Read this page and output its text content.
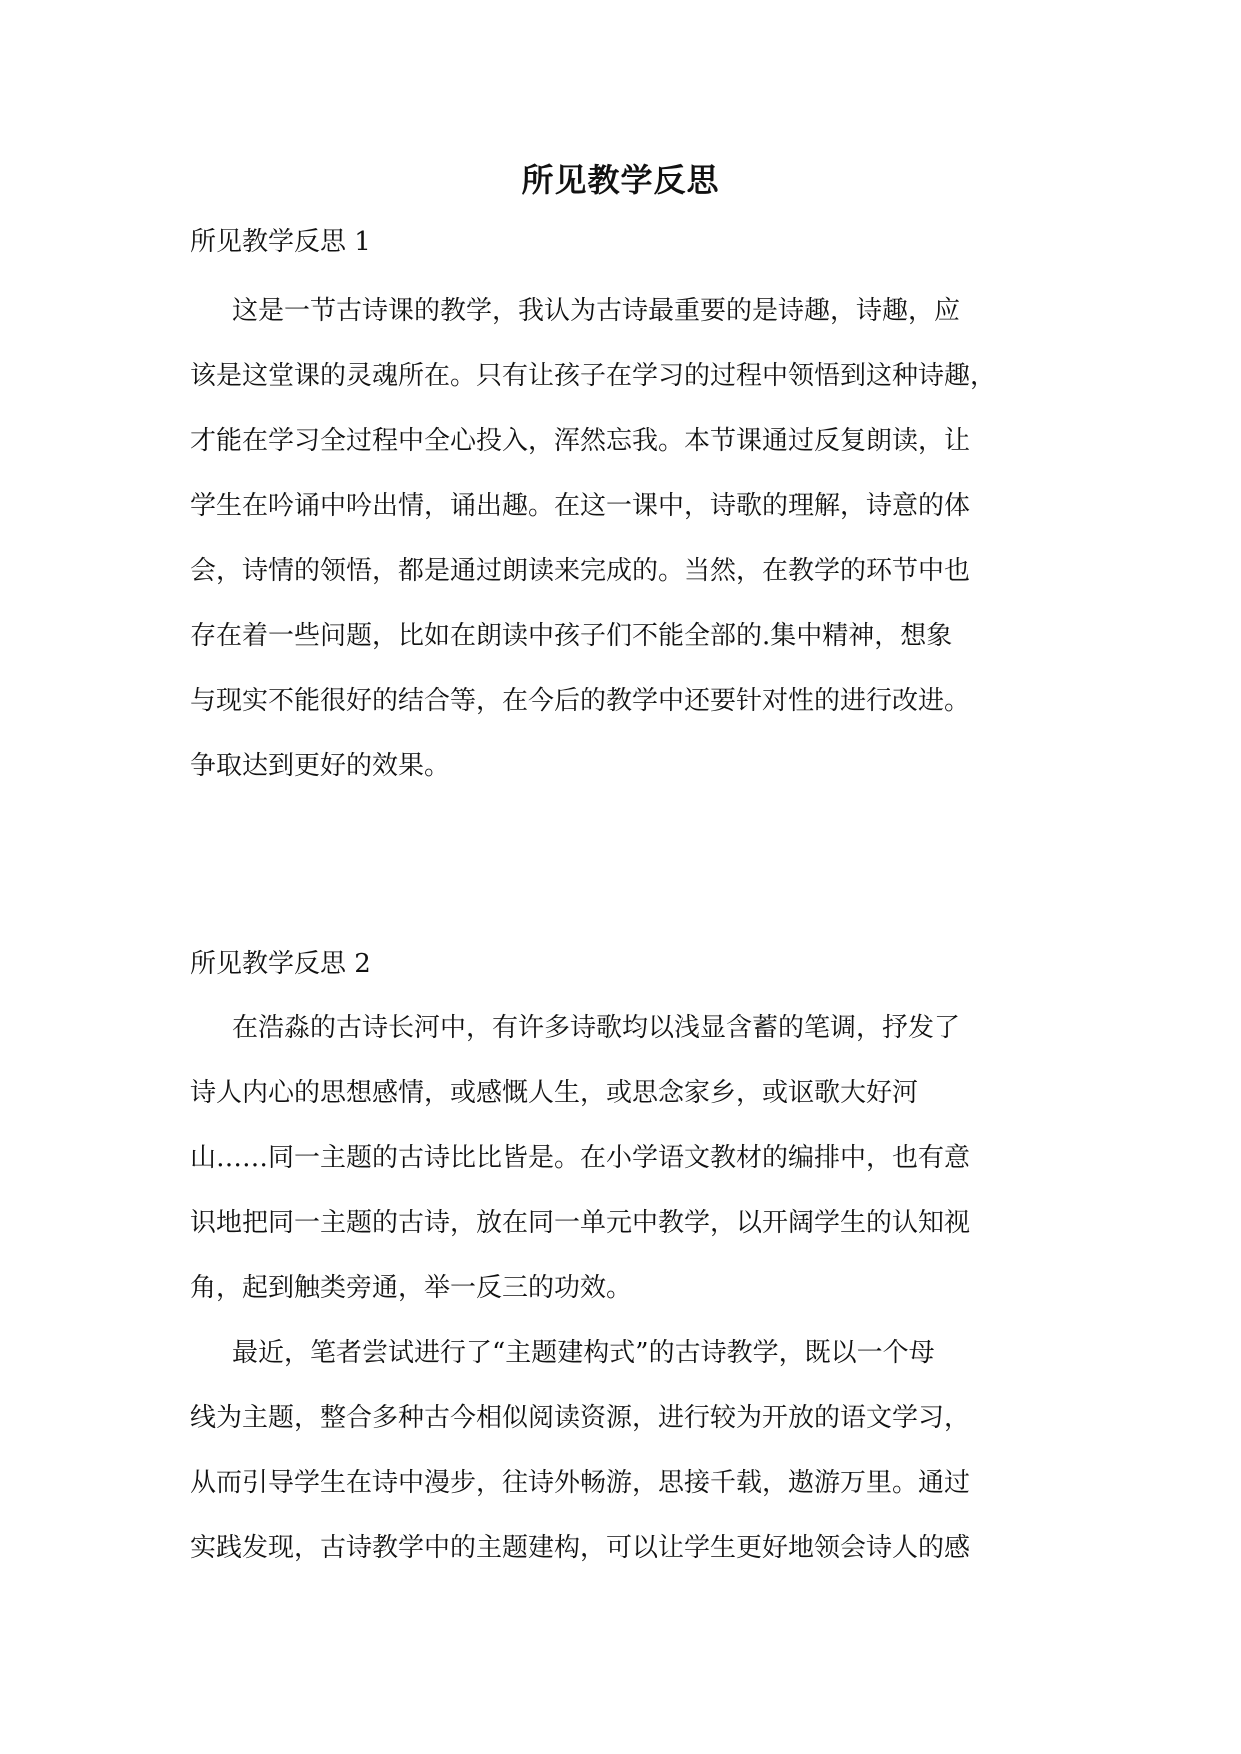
所见教学反思
所见教学反思 1
这是一节古诗课的教学，我认为古诗最重要的是诗趣，诗趣，应
该是这堂课的灵魂所在。只有让孩子在学习的过程中领悟到这种诗趣，
才能在学习全过程中全心投入，浑然忘我。本节课通过反复朗读，让
学生在吟诵中吟出情，诵出趣。在这一课中，诗歌的理解，诗意的体
会，诗情的领悟，都是通过朗读来完成的。当然，在教学的环节中也
存在着一些问题，比如在朗读中孩子们不能全部的.集中精神，想象
与现实不能很好的结合等，在今后的教学中还要针对性的进行改进。
争取达到更好的效果。
所见教学反思 2
在浩淼的古诗长河中，有许多诗歌均以浅显含蓄的笔调，抒发了
诗人内心的思想感情，或感慨人生，或思念家乡，或讴歌大好河
山……同一主题的古诗比比皆是。在小学语文教材的编排中，也有意
识地把同一主题的古诗，放在同一单元中教学，以开阔学生的认知视
角，起到触类旁通，举一反三的功效。
最近，笔者尝试进行了“主题建构式”的古诗教学，既以一个母
线为主题，整合多种古今相似阅读资源，进行较为开放的语文学习，
从而引导学生在诗中漫步，往诗外畅游，思接千载，遨游万里。通过
实践发现，古诗教学中的主题建构，可以让学生更好地领会诗人的感
